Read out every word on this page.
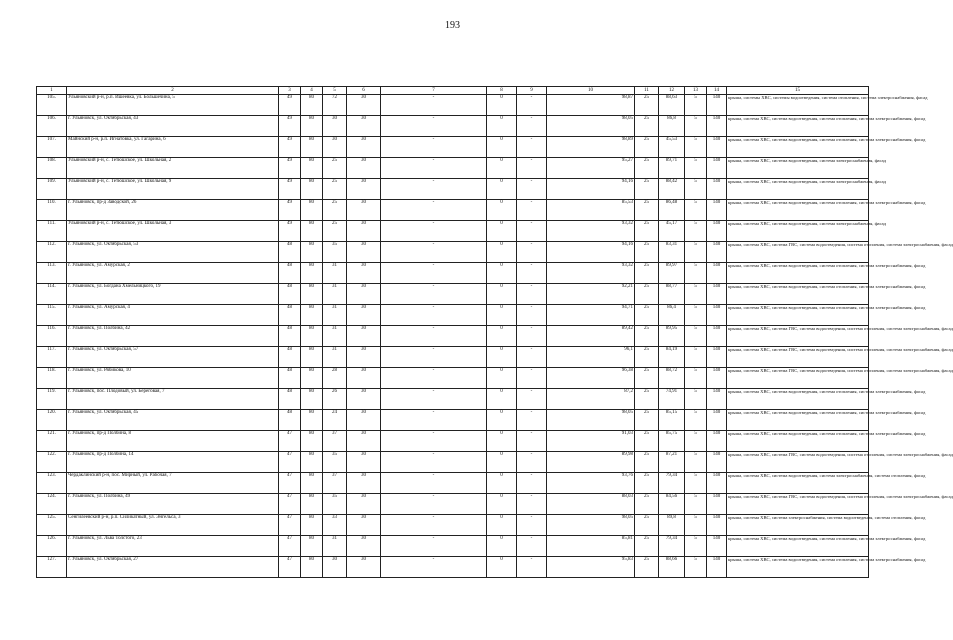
193
1	2	3	4	5	6	7	8	9	10	11	12	13	14	15
105.	Ульяновский р-н, р.п. Ишеевка, ул. Большечина, 5	49	80	72	30	-	0	-	98,87	25	88,63	5	140	крыша, системы ХВС, системы водоотведения, система отопления, система электроснабжения, фасад
106.	г. Ульяновск, ул. Октябрьская, 43	49	80	30	30	-	0	-	98,05	25	86,8	5	140	крыша, система ХВС, система водоотведения, система отопления, система электроснабжения, фасад
107.	Майнский р-н, р.п. Игнатовка, ул. Гагарина, 6	49	80	30	30	-	0	-	98,89	25	45,53	5	140	крыша, система ХВС, система водоотведения, система отопления, система электроснабжения, фасад
108.	Ульяновский р-н, с. Тетюшское, ул. Школьная, 2	49	80	25	30	-	0	-	95,27	25	89,71	5	140	крыша, система ХВС, система водоотведения, система электроснабжения, фасад
109.	Ульяновский р-н, с. Тетюшское, ул. Школьная, 9	49	80	25	30	-	0	-	94,16	25	88,42	5	140	крыша, система ХВС, система водоотведения, система электроснабжения, фасад
110.	г. Ульяновск, пр-д Заводской, 26	49	80	25	30	-	0	-	85,53	25	86,48	5	140	крыша, система ХВС, система водоотведения, система отопления, система электроснабжения, фасад
111.	Ульяновский р-н, с. Тетюшское, ул. Школьная, 3	49	80	25	30	-	0	-	93,32	25	45,17	5	140	крыша, система ХВС, система водоотведения, система электроснабжения, фасад
112.	г. Ульяновск, ул. Октябрьская, 53	48	80	35	30	-	0	-	94,16	25	83,31	5	140	крыша, система ХВС, система ГВС, система водоотведения, система отопления, система электроснабжения, фасад
113.	г. Ульяновск, ул. Амурская, 2	48	80	31	30	-	0	-	93,32	25	89,97	5	140	крыша, система ХВС, система водоотведения, система отопления, система электроснабжения, фасад
114.	г. Ульяновск, ул. Богдана Хмельницкого, 19	48	80	31	30	-	0	-	92,21	25	88,77	5	140	крыша, система ХВС, система водоотведения, система отопления, система электроснабжения, фасад
115.	г. Ульяновск, ул. Амурская, 4	48	80	31	30	-	0	-	94,71	25	86,4	5	140	крыша, система ХВС, система водоотведения, система отопления, система электроснабжения, фасад
116.	г. Ульяновск, ул. Полбина, 42	48	80	31	30	-	0	-	89,42	25	89,95	5	140	крыша, система ХВС, система ГВС, система водоотведения, система отопления, система электроснабжения, фасад
117.	г. Ульяновск, ул. Октябрьская, 57	48	80	31	30	-	0	-	96,1	25	84,19	5	140	крыша, система ХВС, система ГВС, система водоотведения, система отопления, система электроснабжения, фасад
118.	г. Ульяновск, ул. Рябикова, 10	48	80	28	30	-	0	-	96,38	25	88,72	5	140	крыша, система ХВС, система ГВС, система водоотведения, система отопления, система электроснабжения, фасад
119.	г. Ульяновск, пос. Плодовый, ул. Береговая, 7	48	80	26	30	-	0	-	87,2	25	74,91	5	140	крыша, система ХВС, система водоотведения, система отопления, система электроснабжения, фасад
120.	г. Ульяновск, ул. Октябрьская, 45	48	80	24	30	-	0	-	98,05	25	85,15	5	140	крыша, система ХВС, система водоотведения, система отопления, система электроснабжения, фасад
121.	г. Ульяновск, пр-д Полбина, 8	47	80	37	30	-	0	-	91,03	25	85,75	5	140	крыша, система ХВС, система водоотведения, система отопления, система электроснабжения, фасад
122.	г. Ульяновск, пр-д Полбина, 14	47	80	35	30	-	0	-	89,98	25	87,21	5	140	крыша, система ХВС, система ГВС, система водоотведения, система отопления, система электроснабжения, фасад
123.	Чердаклинский р-н, пос. Мирный, ул. Рабочая, 7	47	80	37	30	-	0	-	93,76	25	79,34	5	140	крыша, система ХВС, система водоотведения, система электроснабжения, система отопления, фасад
124.	г. Ульяновск, ул. Полбина, 49	47	80	35	30	-	0	-	88,03	25	84,56	5	140	крыша, система ХВС, система ГВС, система водоотведения, система отопления, система электроснабжения, фасад
125.	Сенгилеевский р-н, р.п. Силикатный, ул. Энгельса, 3	47	80	33	30	-	0	-	98,05	25	89,8	5	140	крыша, система ХВС, система электроснабжения, система водоотведения, система отопления, фасад
126.	г. Ульяновск, ул. Льва Толстого, 23	47	80	31	30	-	0	-	85,81	25	79,34	5	140	крыша, система ХВС, система водоотведения, система отопления, система электроснабжения, фасад
127.	г. Ульяновск, ул. Октябрьская, 27	47	80	30	30	-	0	-	95,83	25	88,66	5	140	крыша, система ХВС, система водоотведения, система отопления, система электроснабжения, фасад
